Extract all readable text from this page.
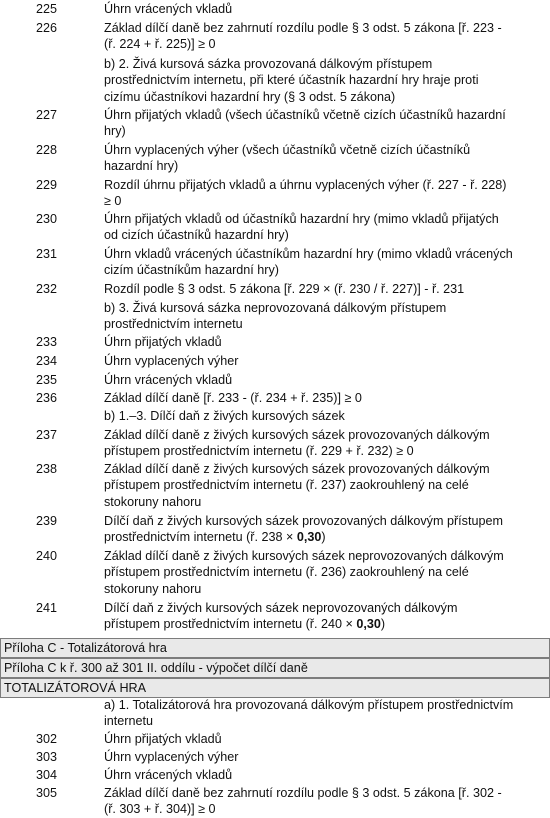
225	Úhrn vrácených vkladů
226	Základ dílčí daně bez zahrnutí rozdílu podle § 3 odst. 5 zákona [ř. 223 -
(ř. 224 + ř. 225)] ≥ 0
b) 2. Živá kursová sázka provozovaná dálkovým přístupem
prostřednictvím internetu, při které účastník hazardní hry hraje proti
cizímu účastníkovi hazardní hry (§ 3 odst. 5 zákona)
227	Úhrn přijatých vkladů (všech účastníků včetně cizích účastníků hazardní
hry)
228	Úhrn vyplacených výher (všech účastníků včetně cizích účastníků
hazardní hry)
229	Rozdíl úhrnu přijatých vkladů a úhrnu vyplacených výher (ř. 227 - ř. 228)
≥ 0
230	Úhrn přijatých vkladů od účastníků hazardní hry (mimo vkladů přijatých
od cizích účastníků hazardní hry)
231	Úhrn vkladů vrácených účastníkům hazardní hry (mimo vkladů vrácených
cizím účastníkům hazardní hry)
232	Rozdíl podle § 3 odst. 5 zákona [ř. 229 × (ř. 230 / ř. 227)] - ř. 231
b) 3. Živá kursová sázka neprovozovaná dálkovým přístupem
prostřednictvím internetu
233	Úhrn přijatých vkladů
234	Úhrn vyplacených výher
235	Úhrn vrácených vkladů
236	Základ dílčí daně [ř. 233 - (ř. 234 + ř. 235)] ≥ 0
b) 1.–3. Dílčí daň z živých kursových sázek
237	Základ dílčí daně z živých kursových sázek provozovaných dálkovým
přístupem prostřednictvím internetu (ř. 229 + ř. 232) ≥ 0
238	Základ dílčí daně z živých kursových sázek provozovaných dálkovým
přístupem prostřednictvím internetu (ř. 237) zaokrouhlený na celé
stokoruny nahoru
239	Dílčí daň z živých kursových sázek provozovaných dálkovým přístupem
prostřednictvím internetu (ř. 238 × 0,30)
240	Základ dílčí daně z živých kursových sázek neprovozovaných dálkovým
přístupem prostřednictvím internetu (ř. 236) zaokrouhlený na celé
stokoruny nahoru
241	Dílčí daň z živých kursových sázek neprovozovaných dálkovým
přístupem prostřednictvím internetu (ř. 240 × 0,30)
Příloha C - Totalizátorová hra
Příloha C k ř. 300 až 301 II. oddílu - výpočet dílčí daně
TOTALIZÁTOROVÁ HRA
a) 1. Totalizátorová hra provozovaná dálkovým přístupem prostřednictvím
internetu
302	Úhrn přijatých vkladů
303	Úhrn vyplacených výher
304	Úhrn vrácených vkladů
305	Základ dílčí daně bez zahrnutí rozdílu podle § 3 odst. 5 zákona [ř. 302 -
(ř. 303 + ř. 304)] ≥ 0
